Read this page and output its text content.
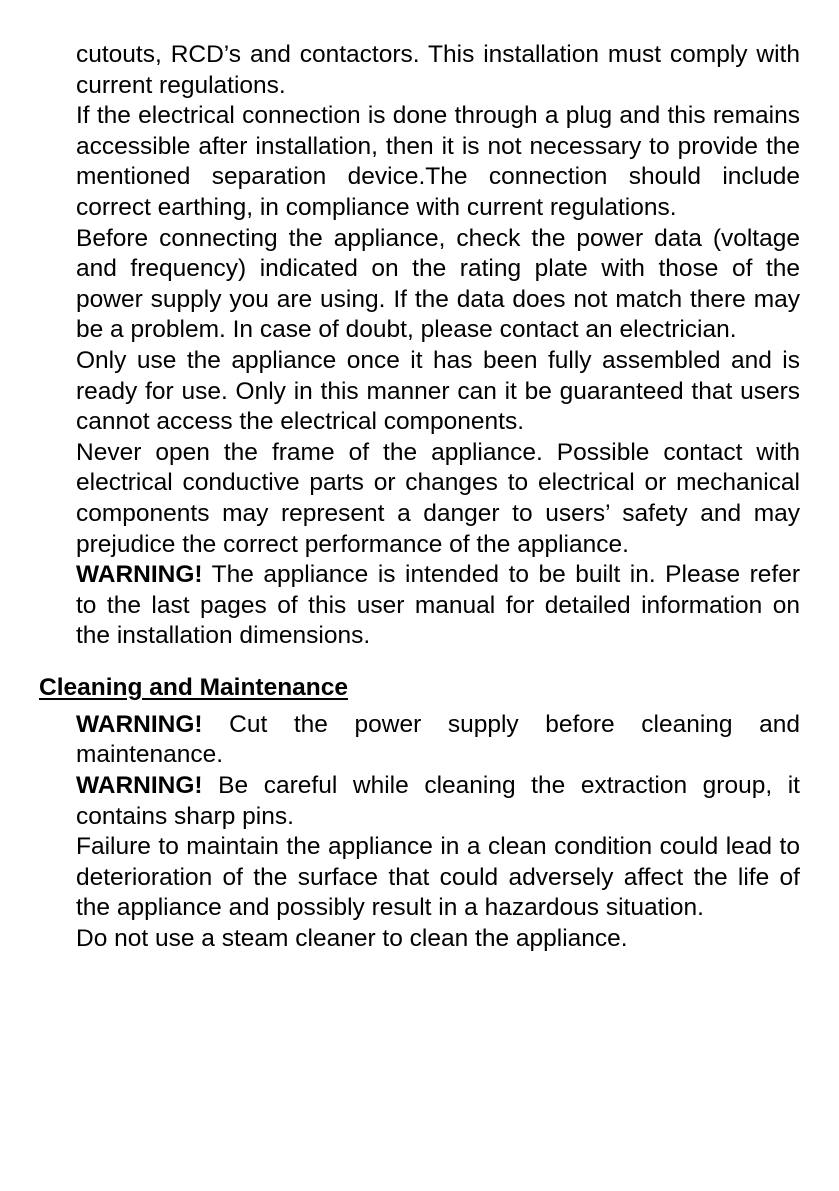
cutouts, RCD’s and contactors. This installation must comply with current regulations.
If the electrical connection is done through a plug and this remains accessible after installation, then it is not necessary to provide the mentioned separation device.The connection should include correct earthing, in compliance with current regulations.
Before connecting the appliance, check the power data (voltage and frequency) indicated on the rating plate with those of the power supply you are using. If the data does not match there may be a problem. In case of doubt, please contact an electrician.
Only use the appliance once it has been fully assembled and is ready for use. Only in this manner can it be guaranteed that users cannot access the electrical components.
Never open the frame of the appliance. Possible contact with electrical conductive parts or changes to electrical or mechanical components may represent a danger to users’ safety and may prejudice the correct performance of the appliance.
WARNING! The appliance is intended to be built in. Please refer to the last pages of this user manual for detailed information on the installation dimensions.
Cleaning and Maintenance
WARNING! Cut the power supply before cleaning and maintenance.
WARNING! Be careful while cleaning the extraction group, it contains sharp pins.
Failure to maintain the appliance in a clean condition could lead to deterioration of the surface that could adversely affect the life of the appliance and possibly result in a hazardous situation.
Do not use a steam cleaner to clean the appliance.
